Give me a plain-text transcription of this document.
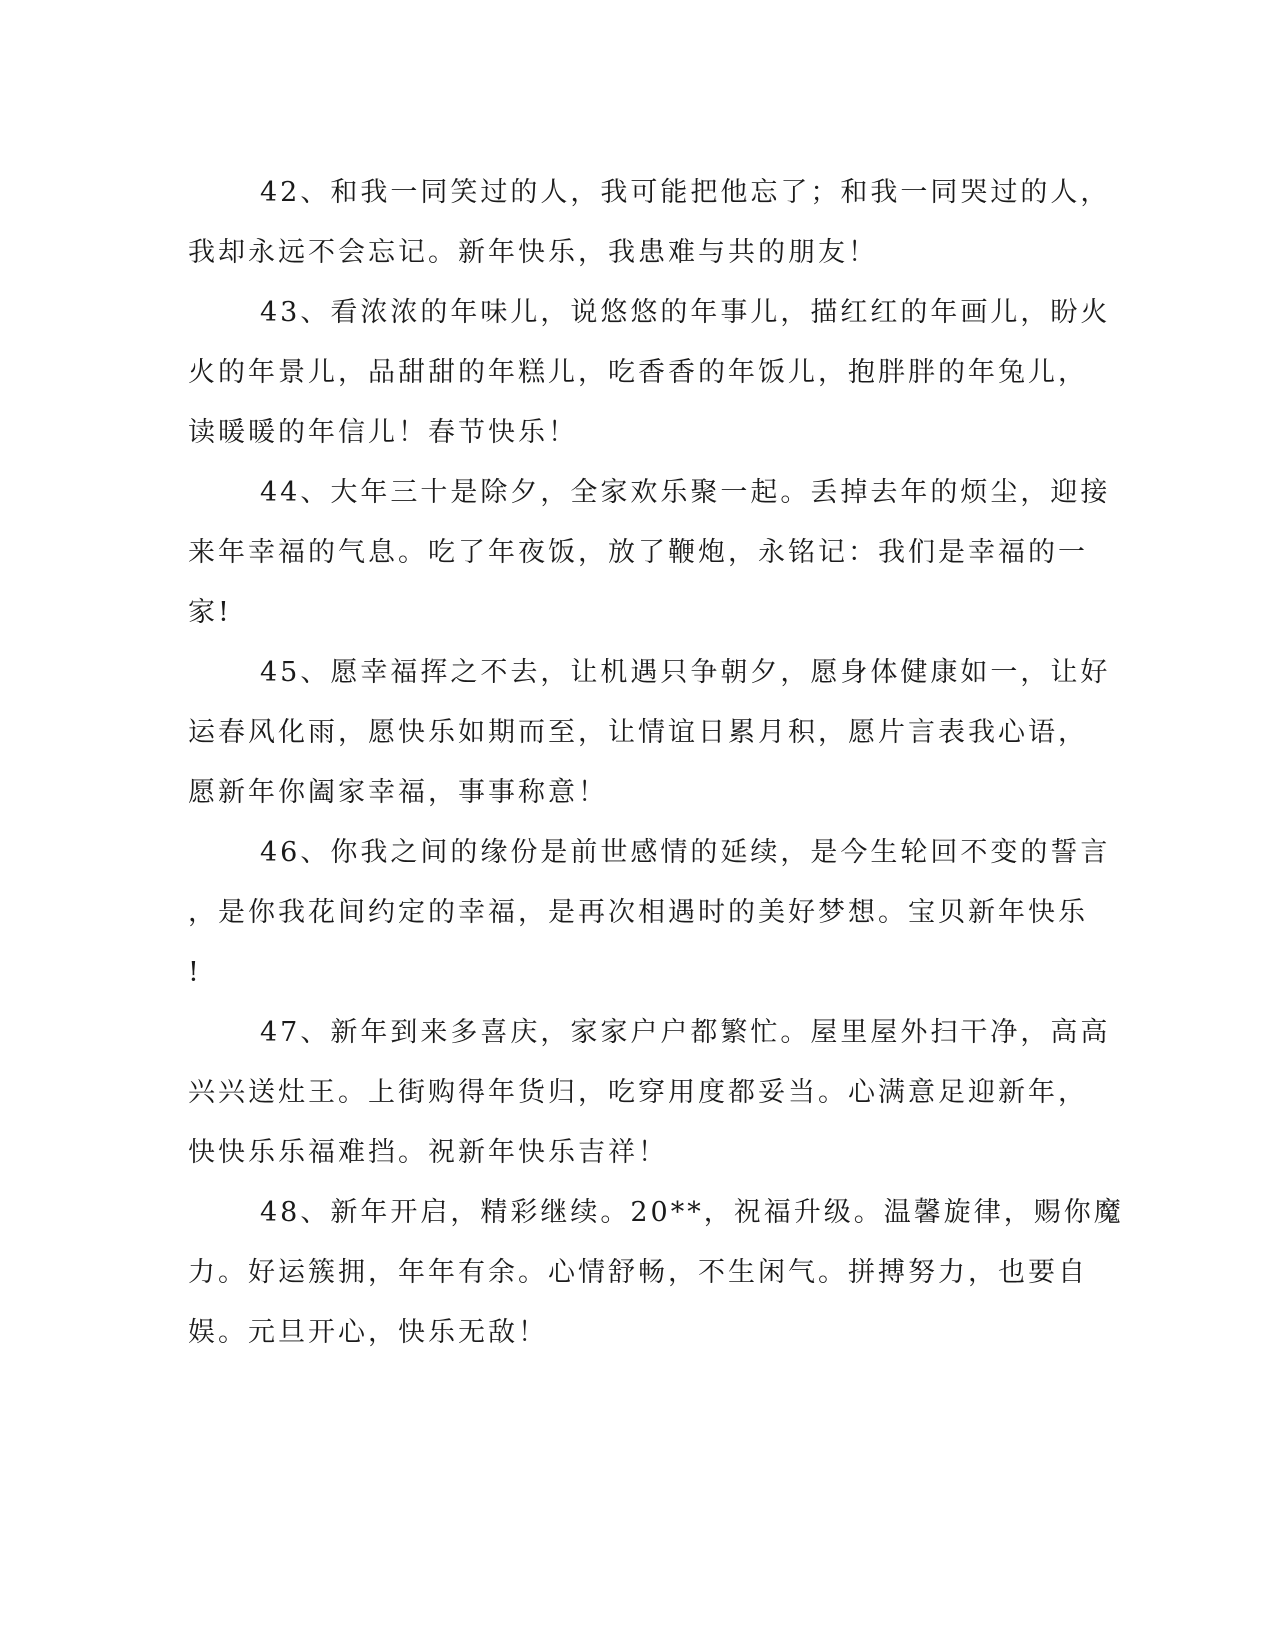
42、和我一同笑过的人，我可能把他忘了；和我一同哭过的人，
我却永远不会忘记。新年快乐，我患难与共的朋友！

43、看浓浓的年味儿，说悠悠的年事儿，描红红的年画儿，盼火
火的年景儿，品甜甜的年糕儿，吃香香的年饭儿，抱胖胖的年兔儿，
读暖暖的年信儿！春节快乐！

44、大年三十是除夕，全家欢乐聚一起。丢掉去年的烦尘，迎接
来年幸福的气息。吃了年夜饭，放了鞭炮，永铭记：我们是幸福的一
家!

45、愿幸福挥之不去，让机遇只争朝夕，愿身体健康如一，让好
运春风化雨，愿快乐如期而至，让情谊日累月积，愿片言表我心语，
愿新年你阖家幸福，事事称意！

46、你我之间的缘份是前世感情的延续，是今生轮回不变的誓言
，是你我花间约定的幸福，是再次相遇时的美好梦想。宝贝新年快乐
!

47、新年到来多喜庆，家家户户都繁忙。屋里屋外扫干净，高高
兴兴送灶王。上街购得年货归，吃穿用度都妥当。心满意足迎新年，
快快乐乐福难挡。祝新年快乐吉祥！

48、新年开启，精彩继续。20**，祝福升级。温馨旋律，赐你魔
力。好运簇拥，年年有余。心情舒畅，不生闲气。拼搏努力，也要自
娱。元旦开心，快乐无敌！
